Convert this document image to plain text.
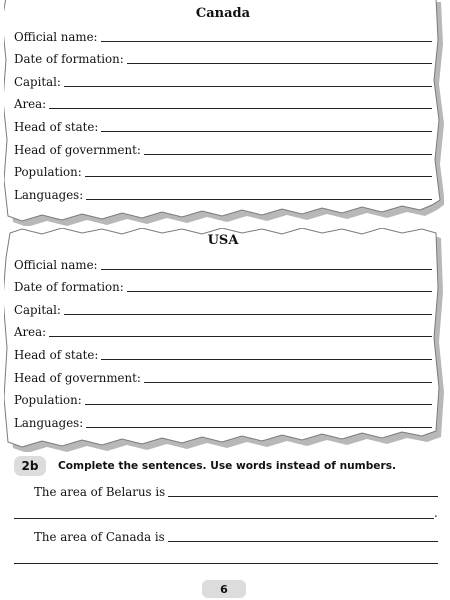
Canada
Official name:
Date of formation:
Capital:
Area:
Head of state:
Head of government:
Population:
Languages:
USA
Official name:
Date of formation:
Capital:
Area:
Head of state:
Head of government:
Population:
Languages:
2b	Complete the sentences. Use words instead of numbers.
The area of Belarus is
.
The area of Canada is
6
